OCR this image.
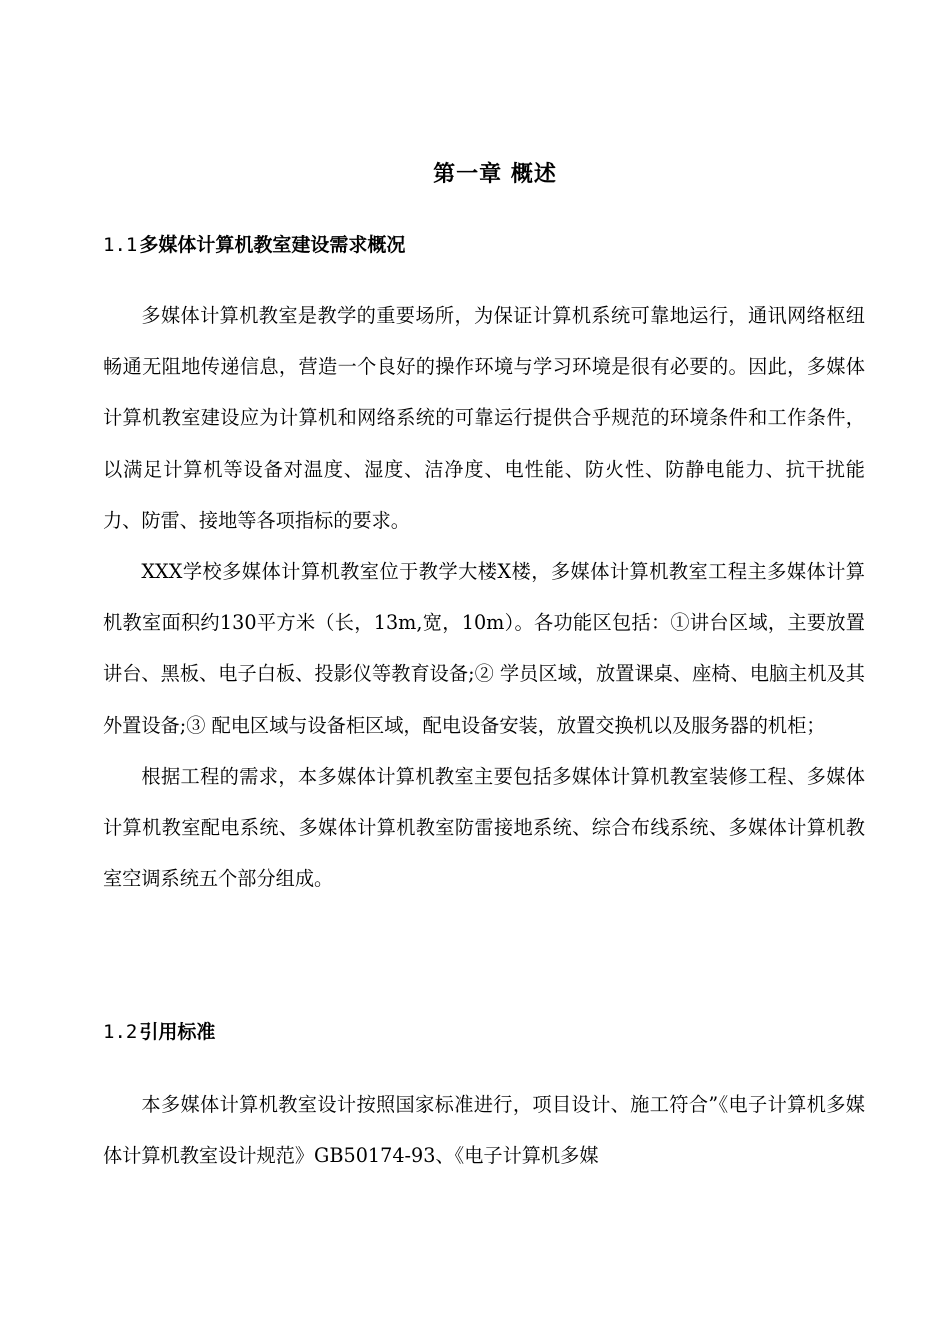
第一章 概述
1.1 多媒体计算机教室建设需求概况

多媒体计算机教室是教学的重要场所，为保证计算机系统可靠地运行，通讯网络枢纽畅通无阻地传递信息，营造一个良好的操作环境与学习环境是很有必要的。因此，多媒体计算机教室建设应为计算机和网络系统的可靠运行提供合乎规范的环境条件和工作条件，以满足计算机等设备对温度、湿度、洁净度、电性能、防火性、防静电能力、抗干扰能力、防雷、接地等各项指标的要求。

XXX学校多媒体计算机教室位于教学大楼X楼，多媒体计算机教室工程主多媒体计算机教室面积约130平方米（长，13m,宽，10m）。各功能区包括：①讲台区域，主要放置讲台、黑板、电子白板、投影仪等教育设备;② 学员区域，放置课桌、座椅、电脑主机及其外置设备;③ 配电区域与设备柜区域，配电设备安装，放置交换机以及服务器的机柜；

根据工程的需求，本多媒体计算机教室主要包括多媒体计算机教室装修工程、多媒体计算机教室配电系统、多媒体计算机教室防雷接地系统、综合布线系统、多媒体计算机教室空调系统五个部分组成。

1.2 引用标准

本多媒体计算机教室设计按照国家标准进行，项目设计、施工符合”《电子计算机多媒体计算机教室设计规范》GB50174-93、《电子计算机多媒
